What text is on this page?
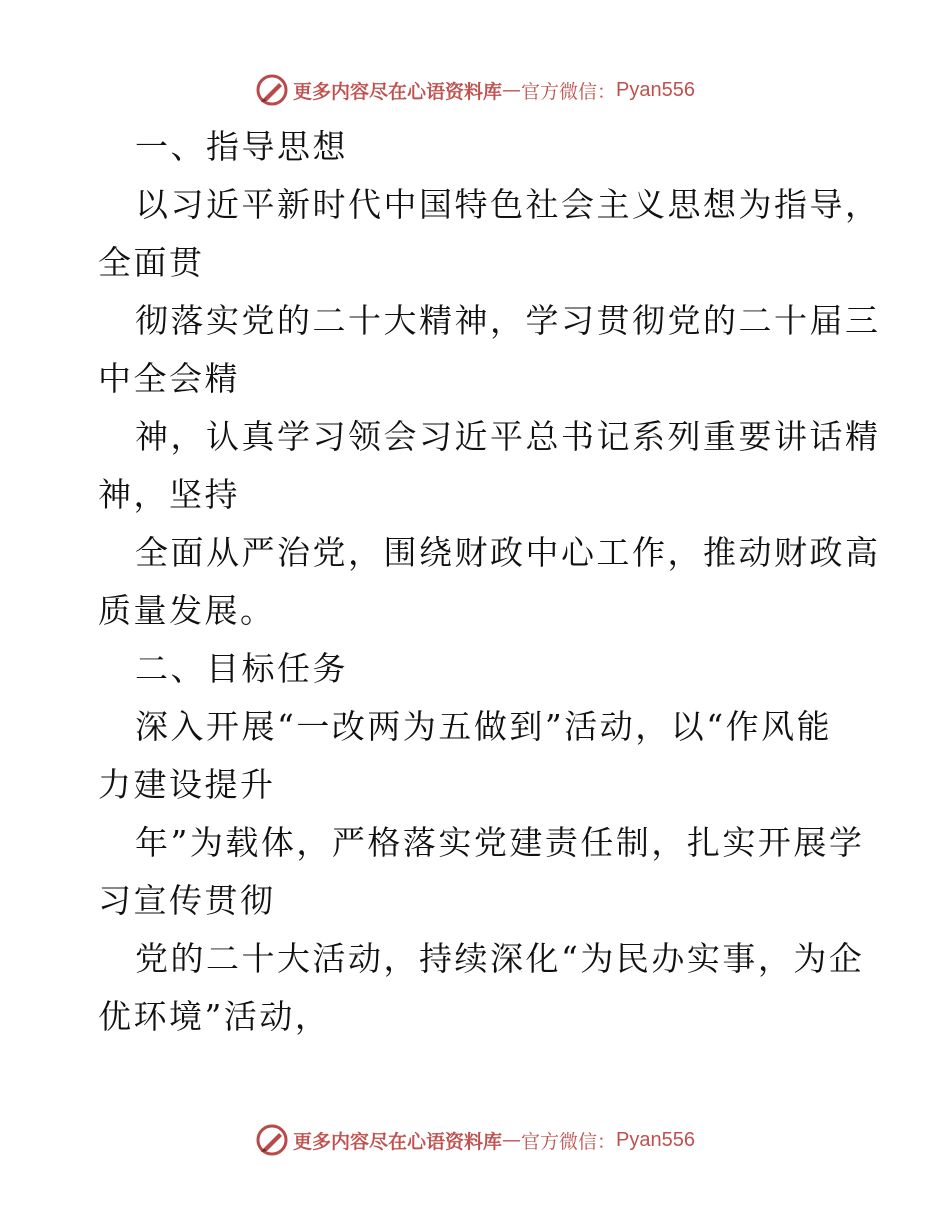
更多内容尽在心语资料库 — 官方微信： Pyan556
一、指导思想
以习近平新时代中国特色社会主义思想为指导，
全面贯
彻落实党的二十大精神，学习贯彻党的二十届三
中全会精
神，认真学习领会习近平总书记系列重要讲话精
神，坚持
全面从严治党，围绕财政中心工作，推动财政高
质量发展。
二、目标任务
深入开展“一改两为五做到”活动，以“作风能
力建设提升
年”为载体，严格落实党建责任制，扎实开展学
习宣传贯彻
党的二十大活动，持续深化“为民办实事，为企
优环境”活动，
更多内容尽在心语资料库 — 官方微信： Pyan556
